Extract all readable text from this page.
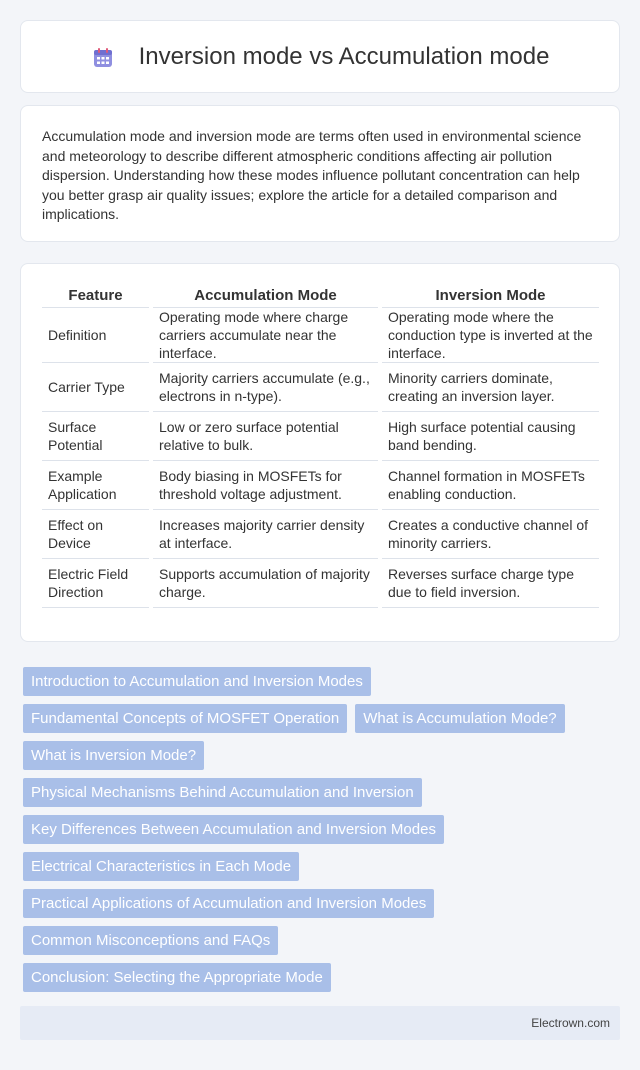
Inversion mode vs Accumulation mode

Accumulation mode and inversion mode are terms often used in environmental science and meteorology to describe different atmospheric conditions affecting air pollution dispersion. Understanding how these modes influence pollutant concentration can help you better grasp air quality issues; explore the article for a detailed comparison and implications.

Feature	Accumulation Mode	Inversion Mode
Definition	Operating mode where charge carriers accumulate near the interface.	Operating mode where the conduction type is inverted at the interface.
Carrier Type	Majority carriers accumulate (e.g., electrons in n-type).	Minority carriers dominate, creating an inversion layer.
Surface Potential	Low or zero surface potential relative to bulk.	High surface potential causing band bending.
Example Application	Body biasing in MOSFETs for threshold voltage adjustment.	Channel formation in MOSFETs enabling conduction.
Effect on Device	Increases majority carrier density at interface.	Creates a conductive channel of minority carriers.
Electric Field Direction	Supports accumulation of majority charge.	Reverses surface charge type due to field inversion.
Introduction to Accumulation and Inversion Modes
Fundamental Concepts of MOSFET Operation	What is Accumulation Mode?
What is Inversion Mode?
Physical Mechanisms Behind Accumulation and Inversion
Key Differences Between Accumulation and Inversion Modes
Electrical Characteristics in Each Mode
Practical Applications of Accumulation and Inversion Modes
Common Misconceptions and FAQs
Conclusion: Selecting the Appropriate Mode
Electrown.com
